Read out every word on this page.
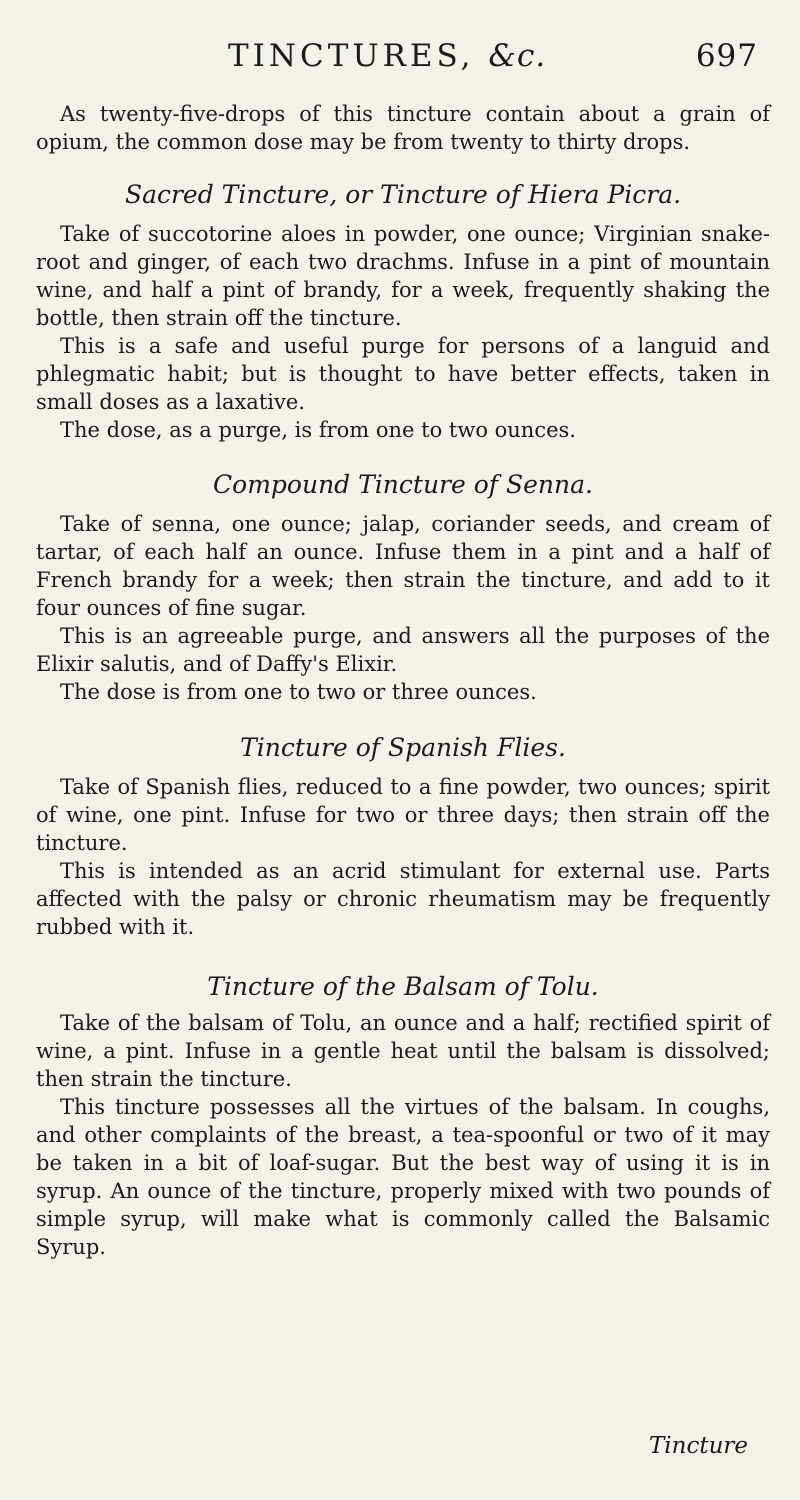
TINCTURES, &c.	697

As twenty-five-drops of this tincture contain about a grain of opium, the common dose may be from twenty to thirty drops.

Sacred Tincture, or Tincture of Hiera Picra.

Take of succotorine aloes in powder, one ounce; Virginian snake-root and ginger, of each two drachms. Infuse in a pint of mountain wine, and half a pint of brandy, for a week, frequently shaking the bottle, then strain off the tincture.

This is a safe and useful purge for persons of a languid and phlegmatic habit; but is thought to have better effects, taken in small doses as a laxative.

The dose, as a purge, is from one to two ounces.

Compound Tincture of Senna.

Take of senna, one ounce; jalap, coriander seeds, and cream of tartar, of each half an ounce. Infuse them in a pint and a half of French brandy for a week; then strain the tincture, and add to it four ounces of fine sugar.

This is an agreeable purge, and answers all the purposes of the Elixir salutis, and of Daffy's Elixir.

The dose is from one to two or three ounces.

Tincture of Spanish Flies.

Take of Spanish flies, reduced to a fine powder, two ounces; spirit of wine, one pint. Infuse for two or three days; then strain off the tincture.

This is intended as an acrid stimulant for external use. Parts affected with the palsy or chronic rheumatism may be frequently rubbed with it.

Tincture of the Balsam of Tolu.

Take of the balsam of Tolu, an ounce and a half; rectified spirit of wine, a pint. Infuse in a gentle heat until the balsam is dissolved; then strain the tincture.

This tincture possesses all the virtues of the balsam. In coughs, and other complaints of the breast, a tea-spoonful or two of it may be taken in a bit of loaf-sugar. But the best way of using it is in syrup. An ounce of the tincture, properly mixed with two pounds of simple syrup, will make what is commonly called the Balsamic Syrup.

Tincture
